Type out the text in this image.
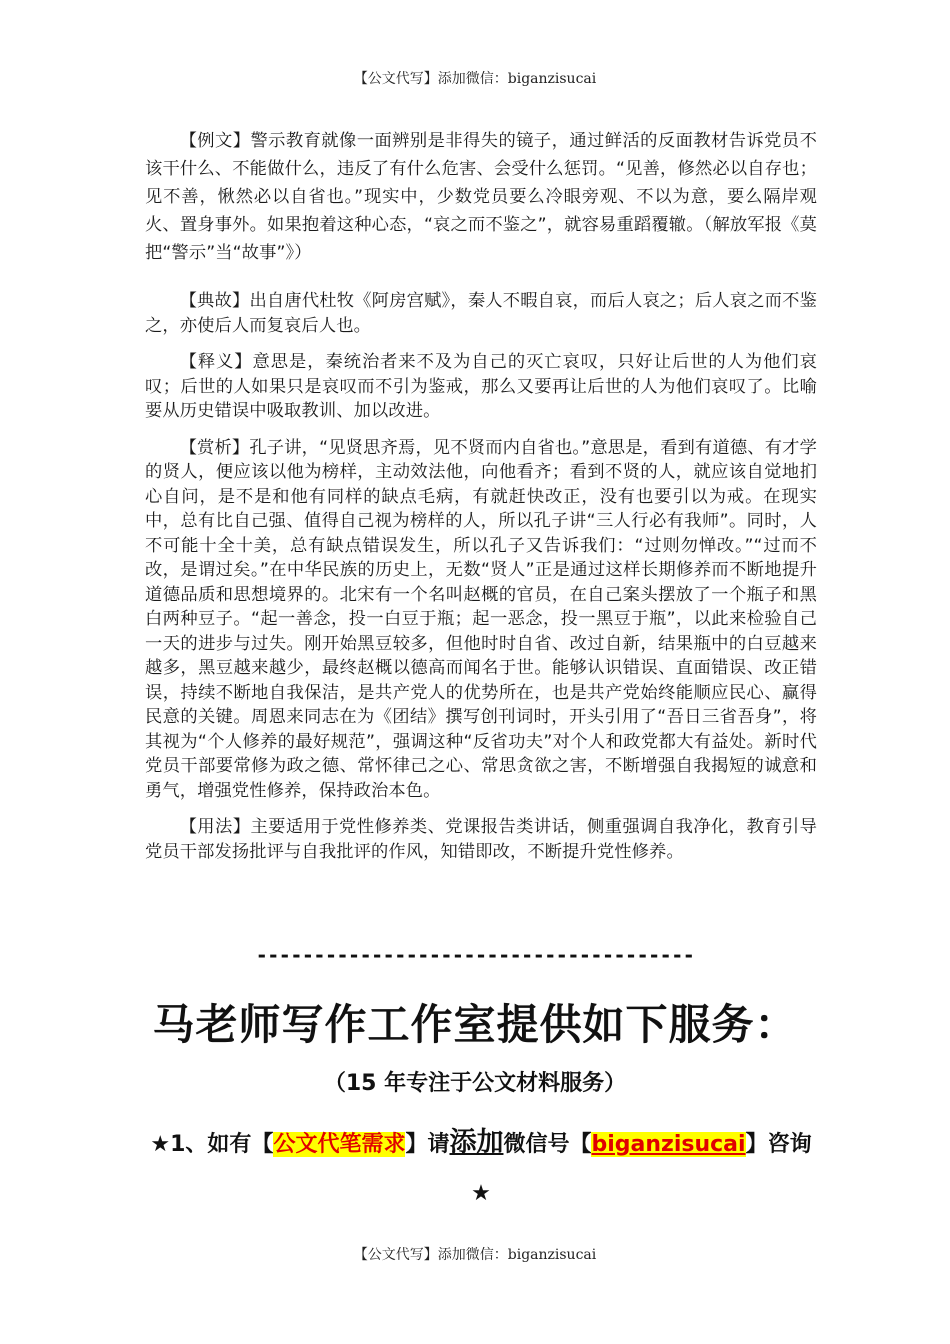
【公文代写】添加微信：biganzisucai

【例文】警示教育就像一面辨别是非得失的镜子，通过鲜活的反面教材告诉党员不该干什么、不能做什么，违反了有什么危害、会受什么惩罚。“见善，修然必以自存也；见不善，愀然必以自省也。”现实中，少数党员要么冷眼旁观、不以为意，要么隔岸观火、置身事外。如果抱着这种心态，“哀之而不鉴之”，就容易重蹈覆辙。（解放军报《莫把“警示”当“故事”》）

【典故】出自唐代杜牧《阿房宫赋》，秦人不暇自哀，而后人哀之；后人哀之而不鉴之，亦使后人而复哀后人也。

【释义】意思是，秦统治者来不及为自己的灭亡哀叹，只好让后世的人为他们哀叹；后世的人如果只是哀叹而不引为鉴戒，那么又要再让后世的人为他们哀叹了。比喻要从历史错误中吸取教训、加以改进。

【赏析】孔子讲，“见贤思齐焉，见不贤而内自省也。”意思是，看到有道德、有才学的贤人，便应该以他为榜样，主动效法他，向他看齐；看到不贤的人，就应该自觉地扪心自问，是不是和他有同样的缺点毛病，有就赶快改正，没有也要引以为戒。在现实中，总有比自己强、值得自己视为榜样的人，所以孔子讲“三人行必有我师”。同时，人不可能十全十美，总有缺点错误发生，所以孔子又告诉我们：“过则勿惮改。”“过而不改，是谓过矣。”在中华民族的历史上，无数“贤人”正是通过这样长期修养而不断地提升道德品质和思想境界的。北宋有一个名叫赵概的官员，在自己案头摆放了一个瓶子和黑白两种豆子。“起一善念，投一白豆于瓶；起一恶念，投一黑豆于瓶”，以此来检验自己一天的进步与过失。刚开始黑豆较多，但他时时自省、改过自新，结果瓶中的白豆越来越多，黑豆越来越少，最终赵概以德高而闻名于世。能够认识错误、直面错误、改正错误，持续不断地自我保洁，是共产党人的优势所在，也是共产党始终能顺应民心、赢得民意的关键。周恩来同志在为《团结》撰写创刊词时，开头引用了“吾日三省吾身”，将其视为“个人修养的最好规范”，强调这种“反省功夫”对个人和政党都大有益处。新时代党员干部要常修为政之德、常怀律己之心、常思贪欲之害，不断增强自我揭短的诚意和勇气，增强党性修养，保持政治本色。

【用法】主要适用于党性修养类、党课报告类讲话，侧重强调自我净化，教育引导党员干部发扬批评与自我批评的作风，知错即改，不断提升党性修养。

--------------------------------------
马老师写作工作室提供如下服务：
（15 年专注于公文材料服务）
★1、如有【公文代笔需求】请添加微信号【biganzisucai】咨询★
【公文代写】添加微信：biganzisucai
